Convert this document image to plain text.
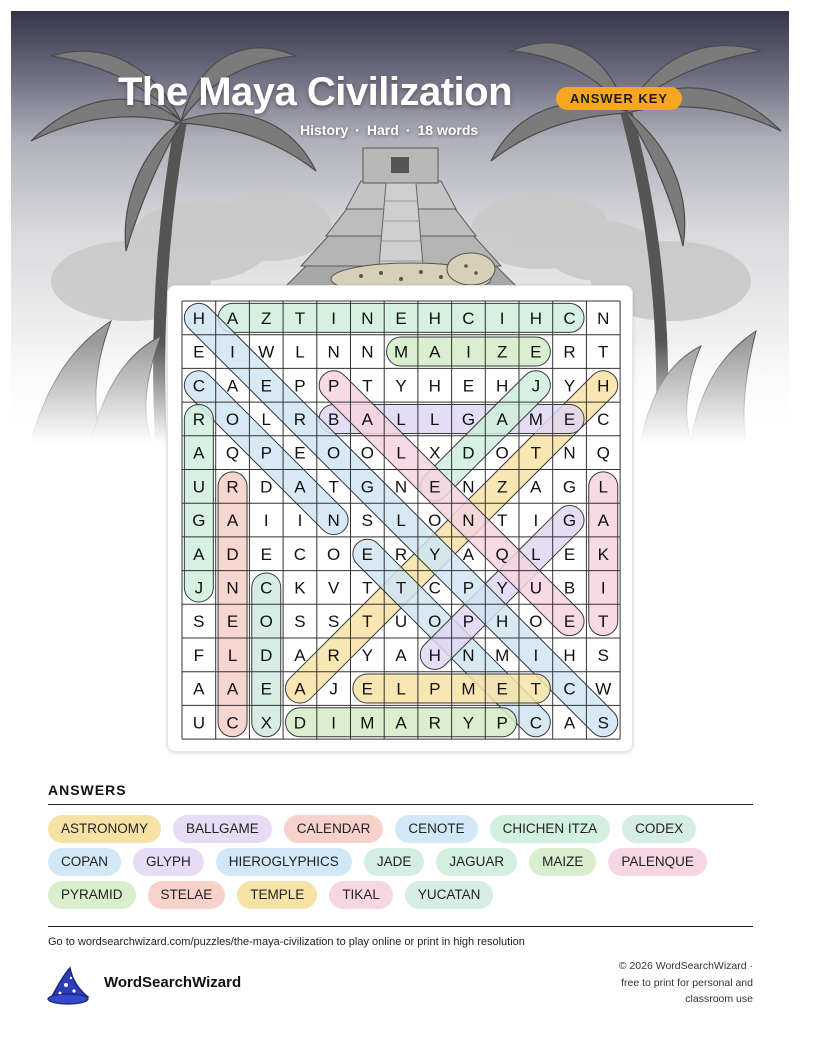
The Maya Civilization	ANSWER KEY
History · Hard · 18 words
H A Z T I N E H C I H C N
E I W L N N M A I Z E R T
C A E P P T Y H E H J Y H
R O L R B A L L G A M E C
A Q P E O O L X D O T N Q
U R D A T G N E N Z A G L
G A I I N S L O N T I G A
A D E C O E R Y A Q L E K
J N C K V T T C P Y U B I
S E O S S T U O P H O E T
F L D A R Y A H N M I H S
A A E A J E L P M E T C W
U C X D I M A R Y P C A S
ANSWERS
ASTRONOMY	BALLGAME	CALENDAR	CENOTE	CHICHEN ITZA	CODEX
COPAN	GLYPH	HIEROGLYPHICS	JADE	JAGUAR	MAIZE	PALENQUE
PYRAMID	STELAE	TEMPLE	TIKAL	YUCATAN
Go to wordsearchwizard.com/puzzles/the-maya-civilization to play online or print in high resolution
WordSearchWizard
© 2026 WordSearchWizard ·
free to print for personal and
classroom use
